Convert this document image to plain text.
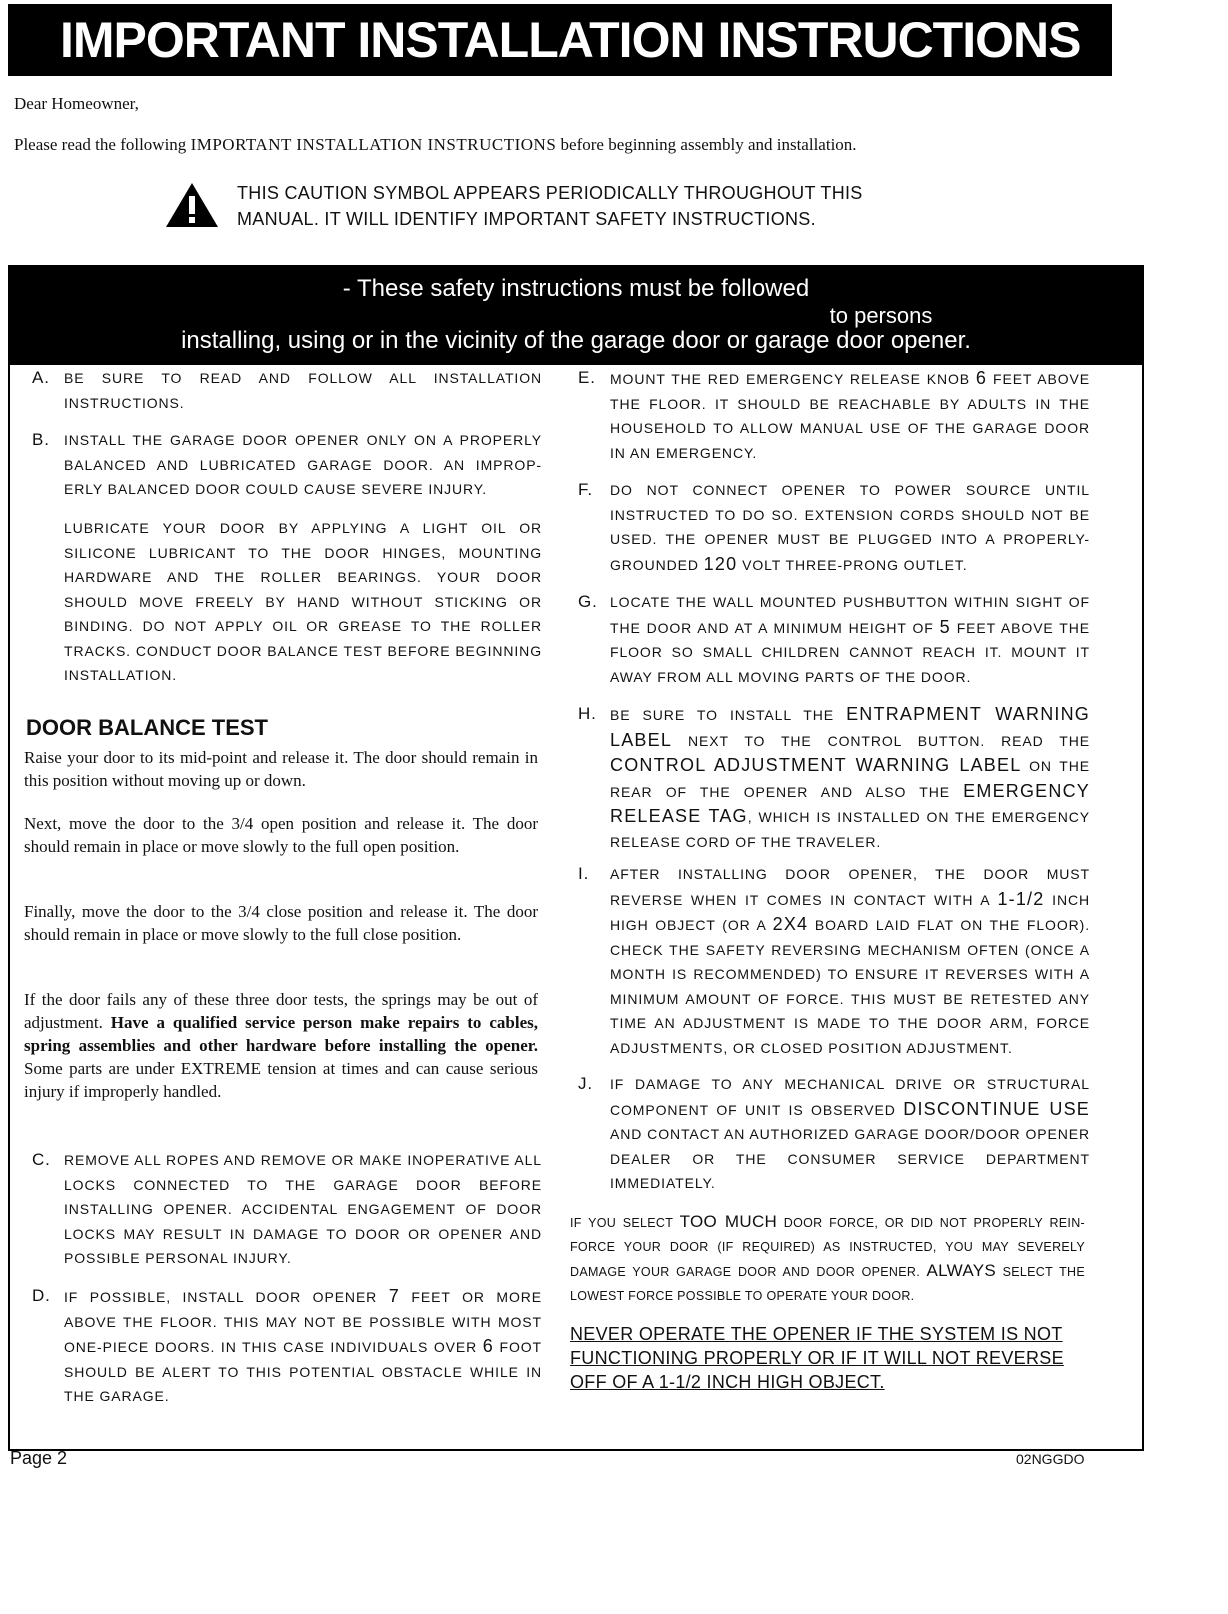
IMPORTANT INSTALLATION INSTRUCTIONS
Dear Homeowner,
Please read the following IMPORTANT INSTALLATION INSTRUCTIONS before beginning assembly and installation.
THIS CAUTION SYMBOL APPEARS PERIODICALLY THROUGHOUT THIS
MANUAL. IT WILL IDENTIFY IMPORTANT SAFETY INSTRUCTIONS.
- These safety instructions must be followed
to persons
installing, using or in the vicinity of the garage door or garage door opener.
A. BE SURE TO READ AND FOLLOW ALL INSTALLATION INSTRUCTIONS.
B. INSTALL THE GARAGE DOOR OPENER ONLY ON A PROPERLY BALANCED AND LUBRICATED GARAGE DOOR. AN IMPROP-ERLY BALANCED DOOR COULD CAUSE SEVERE INJURY.
LUBRICATE YOUR DOOR BY APPLYING A LIGHT OIL OR SILICONE LUBRICANT TO THE DOOR HINGES, MOUNTING HARDWARE AND THE ROLLER BEARINGS. YOUR DOOR SHOULD MOVE FREELY BY HAND WITHOUT STICKING OR BINDING. DO NOT APPLY OIL OR GREASE TO THE ROLLER TRACKS. CONDUCT DOOR BALANCE TEST BEFORE BEGINNING INSTALLATION.
DOOR BALANCE TEST
Raise your door to its mid-point and release it. The door should remain in this position without moving up or down.
Next, move the door to the 3/4 open position and release it. The door should remain in place or move slowly to the full open position.
Finally, move the door to the 3/4 close position and release it. The door should remain in place or move slowly to the full close position.
If the door fails any of these three door tests, the springs may be out of adjustment. Have a qualified service person make repairs to cables, spring assemblies and other hardware before installing the opener. Some parts are under EXTREME tension at times and can cause serious injury if improperly handled.
C. REMOVE ALL ROPES AND REMOVE OR MAKE INOPERATIVE ALL LOCKS CONNECTED TO THE GARAGE DOOR BEFORE INSTALLING OPENER. ACCIDENTAL ENGAGEMENT OF DOOR LOCKS MAY RESULT IN DAMAGE TO DOOR OR OPENER AND POSSIBLE PERSONAL INJURY.
D. IF POSSIBLE, INSTALL DOOR OPENER 7 FEET OR MORE ABOVE THE FLOOR. THIS MAY NOT BE POSSIBLE WITH MOST ONE-PIECE DOORS. IN THIS CASE INDIVIDUALS OVER 6 FOOT SHOULD BE ALERT TO THIS POTENTIAL OBSTACLE WHILE IN THE GARAGE.
E. MOUNT THE RED EMERGENCY RELEASE KNOB 6 FEET ABOVE THE FLOOR. IT SHOULD BE REACHABLE BY ADULTS IN THE HOUSEHOLD TO ALLOW MANUAL USE OF THE GARAGE DOOR IN AN EMERGENCY.
F. DO NOT CONNECT OPENER TO POWER SOURCE UNTIL INSTRUCTED TO DO SO. EXTENSION CORDS SHOULD NOT BE USED. THE OPENER MUST BE PLUGGED INTO A PROPERLY-GROUNDED 120 VOLT THREE-PRONG OUTLET.
G. LOCATE THE WALL MOUNTED PUSHBUTTON WITHIN SIGHT OF THE DOOR AND AT A MINIMUM HEIGHT OF 5 FEET ABOVE THE FLOOR SO SMALL CHILDREN CANNOT REACH IT. MOUNT IT AWAY FROM ALL MOVING PARTS OF THE DOOR.
H. BE SURE TO INSTALL THE ENTRAPMENT WARNING LABEL NEXT TO THE CONTROL BUTTON. READ THE CONTROL ADJUSTMENT WARNING LABEL ON THE REAR OF THE OPENER AND ALSO THE EMERGENCY RELEASE TAG, WHICH IS INSTALLED ON THE EMERGENCY RELEASE CORD OF THE TRAVELER.
I. AFTER INSTALLING DOOR OPENER, THE DOOR MUST REVERSE WHEN IT COMES IN CONTACT WITH A 1-1/2 INCH HIGH OBJECT (OR A 2X4 BOARD LAID FLAT ON THE FLOOR). CHECK THE SAFETY REVERSING MECHANISM OFTEN (ONCE A MONTH IS RECOMMENDED) TO ENSURE IT REVERSES WITH A MINIMUM AMOUNT OF FORCE. THIS MUST BE RETESTED ANY TIME AN ADJUSTMENT IS MADE TO THE DOOR ARM, FORCE ADJUSTMENTS, OR CLOSED POSITION ADJUSTMENT.
J. IF DAMAGE TO ANY MECHANICAL DRIVE OR STRUCTURAL COMPONENT OF UNIT IS OBSERVED DISCONTINUE USE AND CONTACT AN AUTHORIZED GARAGE DOOR/DOOR OPENER DEALER OR THE CONSUMER SERVICE DEPARTMENT IMMEDIATELY.
IF YOU SELECT TOO MUCH DOOR FORCE, OR DID NOT PROPERLY REIN-FORCE YOUR DOOR (IF REQUIRED) AS INSTRUCTED, YOU MAY SEVERELY DAMAGE YOUR GARAGE DOOR AND DOOR OPENER. ALWAYS SELECT THE LOWEST FORCE POSSIBLE TO OPERATE YOUR DOOR.
NEVER OPERATE THE OPENER IF THE SYSTEM IS NOT FUNCTIONING PROPERLY OR IF IT WILL NOT REVERSE OFF OF A 1-1/2 INCH HIGH OBJECT.
Page 2	02NGGDO
